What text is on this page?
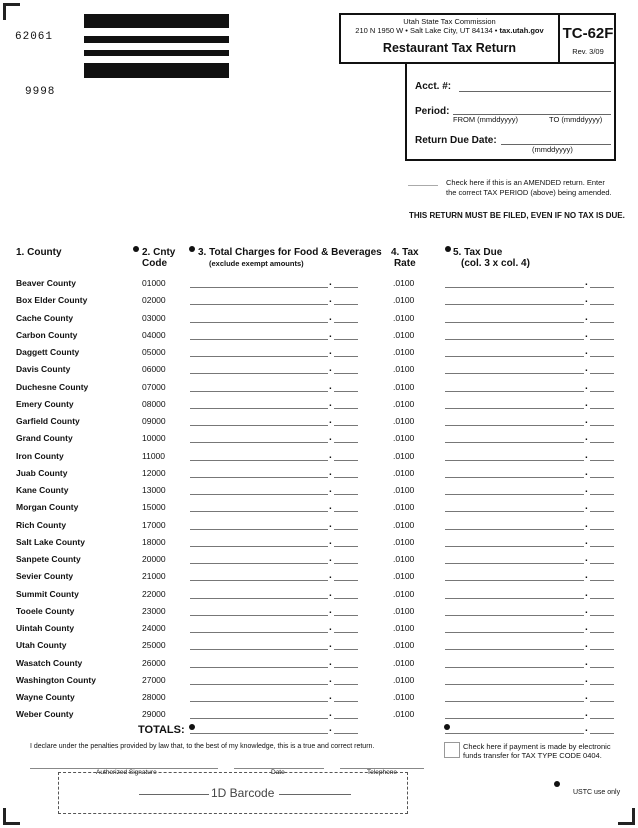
62061
9998
Utah State Tax Commission
210 N 1950 W • Salt Lake City, UT 84134 • tax.utah.gov
Restaurant Tax Return
TC-62F
Rev. 3/09
Acct. #:
Period:
FROM (mmddyyyy)	TO (mmddyyyy)
Return Due Date:
(mmddyyyy)
Check here if this is an AMENDED return. Enter
the correct TAX PERIOD (above) being amended.
THIS RETURN MUST BE FILED, EVEN IF NO TAX IS DUE.
1. County	2. Cnty
Code
3. Total Charges for Food & Beverages
(exclude exempt amounts)
4. Tax
Rate
5. Tax Due
(col. 3 x col. 4)
Beaver County	01000	.	.0100	.
Box Elder County	02000	.	.0100	.
Cache County	03000	.	.0100	.
Carbon County	04000	.	.0100	.
Daggett County	05000	.	.0100	.
Davis County	06000	.	.0100	.
Duchesne County	07000	.	.0100	.
Emery County	08000	.	.0100	.
Garfield County	09000	.	.0100	.
Grand County	10000	.	.0100	.
Iron County	11000	.	.0100	.
Juab County	12000	.	.0100	.
Kane County	13000	.	.0100	.
Morgan County	15000	.	.0100	.
Rich County	17000	.	.0100	.
Salt Lake County	18000	.	.0100	.
Sanpete County	20000	.	.0100	.
Sevier County	21000	.	.0100	.
Summit County	22000	.	.0100	.
Tooele County	23000	.	.0100	.
Uintah County	24000	.	.0100	.
Utah County	25000	.	.0100	.
Wasatch County	26000	.	.0100	.
Washington County	27000	.	.0100	.
Wayne County	28000	.	.0100	.
Weber County	29000	.	.0100	.
TOTALS:	.	.
I declare under the penalties provided by law that, to the best of my knowledge, this is a true and correct return.	Check here if payment is made by electronic
funds transfer for TAX TYPE CODE 0404.
Authorized Signature	Date	Telephone
1D Barcode	USTC use only
